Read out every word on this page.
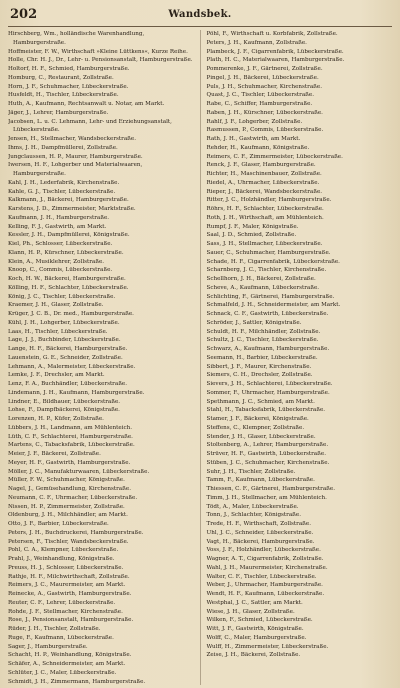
202	Wandsbek.

Hirschberg, Wm., holländische Warenhandlung, Hamburgerstraße.

Hoffmeister, F. W., Wirthschaft »Kleine Lüttkens«, Kurze Reihe.

Holle, Chr. H. J., Dr., Lehr- u. Pensionsanstalt, Hamburgerstraße.

Holtorf, H. F., Schmied, Hamburgerstraße.

Homburg, C., Restaurant, Zollstraße.

Horn, J. F., Schuhmacher, Lübeckerstraße.

Husfeldt, H., Tischler, Lübeckerstraße.

Huth, A., Kaufmann, Rechtsanwalt u. Notar, am Markt.

Jäger, J., Lehrer, Hamburgerstraße.

Jacobsen, L. u. C. Lehmann, Lehr- und Erziehungsanstalt, Lübeckerstraße.

Jensen, H., Stellmacher, Wandsbeckerstraße.

Ihms, J. H., Dampfmüllerei, Zollstraße.

Jungclaussen, H. P., Maurer, Hamburgerstraße.

Iwersen, H. F., Lohgerber und Materialwaaren, Hamburgerstraße.

Kahl, J. H., Lederfabrik, Kirchenstraße.

Kahle, G. J., Tischler, Lübeckerstraße.

Kalkmann, J., Bäckerei, Hamburgerstraße.

Karstens, J. D., Zimmermeister, Marktstraße.

Kaufmann, J. H., Hamburgerstraße.

Kelling, F. J., Gastwirth, am Markt.

Kessler, J. H., Dampfmüllerei, Königstraße.

Kiel, Ph., Schlosser, Lübeckerstraße.

Klann, H. P., Kürschner, Lübeckerstraße.

Klein, A., Musiklehrer, Zollstraße.

Knoop, C., Commis, Lübeckerstraße.

Koch, H. W., Bäckerei, Hamburgerstraße.

Kölling, H. F., Schlachter, Lübeckerstraße.

König, J. C., Tischler, Lübeckerstraße.

Kraemer, J. H., Glaser, Zollstraße.

Krüger, J. C. B., Dr. med., Hamburgerstraße.

Kühl, J. H., Lohgerber, Lübeckerstraße.

Laas, H., Tischler, Lübeckerstraße.

Lage, J. J., Buchbinder, Lübeckerstraße.

Lange, H. F., Bäckerei, Hamburgerstraße.

Lauenstein, G. E., Schneider, Zollstraße.

Lehmann, A., Malermeister, Lübeckerstraße.

Lemke, J. F., Drechsler, am Markt.

Lenz, F. A., Buchhändler, Lübeckerstraße.

Lindemann, J. H., Kaufmann, Hamburgerstraße.

Lindner, E., Bildhauer, Lübeckerstraße.

Lohse, F., Dampfbäckerei, Königstraße.

Lorenzen, H. P., Küfer, Zollstraße.

Lübbers, J. H., Landmann, am Mühlenteich.

Lüth, C. F., Schlachterei, Hamburgerstraße.

Martens, C., Tabacksfabrik, Lübeckerstraße.

Meier, J. F., Bäckerei, Zollstraße.

Meyer, H. F., Gastwirth, Hamburgerstraße.

Möller, J. C., Manufakturwaaren, Lübeckerstraße.

Müller, F. W., Schuhmacher, Königstraße.

Nagel, J., Gemüsehandlung, Kirchenstraße.

Neumann, C. F., Uhrmacher, Lübeckerstraße.

Nissen, H. P., Zimmermeister, Zollstraße.

Oldenburg, J. H., Milchhändler, am Markt.

Otto, J. F., Barbier, Lübeckerstraße.

Peters, J. H., Buchdruckerei, Hamburgerstraße.

Petersen, F., Tischler, Wandsbeckerstraße.

Pohl, C. A., Klempner, Lübeckerstraße.

Prahl, J., Weinhandlung, Königstraße.

Preuss, H. J., Schlosser, Lübeckerstraße.

Rathje, H. F., Milchwirthschaft, Zollstraße.

Reimers, J. C., Maurermeister, am Markt.

Reinecke, A., Gastwirth, Hamburgerstraße.

Reuter, C. F., Lehrer, Lübeckerstraße.

Rohde, J. F., Stellmacher, Kirchenstraße.

Rose, J., Pensionsanstalt, Hamburgerstraße.

Rüder, J. H., Tischler, Zollstraße.

Ruge, F., Kaufmann, Lübeckerstraße.

Sager, J., Hamburgerstraße.

Schacht, H. P., Weinhandlung, Königstraße.

Schäfer, A., Schneidermeister, am Markt.

Schlüter, J. C., Maler, Lübeckerstraße.

Schmidt, J. H., Zimmermann, Hamburgerstraße.

Pöhl, F., Wirthschaft u. Korbfabrik, Zollstraße.

Peters, J. H., Kaufmann, Zollstraße.

Plambeck, J. F., Cigarrenfabrik, Lübeckerstraße.

Plath, H. C., Materialwaaren, Hamburgerstraße.

Pommerenke, J. F., Gärtnerei, Zollstraße.

Pingel, J. H., Bäckerei, Lübeckerstraße.

Puls, J. H., Schuhmacher, Kirchenstraße.

Quast, J. C., Tischler, Lübeckerstraße.

Rabe, C., Schiffer, Hamburgerstraße.

Raben, J. H., Kürschner, Lübeckerstraße.

Rahlf, J. F., Lohgerber, Zollstraße.

Rasmussen, P., Commis, Lübeckerstraße.

Rath, J. H., Gastwirth, am Markt.

Rehder, H., Kaufmann, Königstraße.

Reimers, C. F., Zimmermeister, Lübeckerstraße.

Renck, J. F., Glaser, Hamburgerstraße.

Richter, H., Maschinenbauer, Zollstraße.

Riedel, A., Uhrmacher, Lübeckerstraße.

Rieper, J., Bäckerei, Wandsbeckerstraße.

Ritter, J. C., Holzhändler, Hamburgerstraße.

Röhrs, H. F., Schlachter, Lübeckerstraße.

Roth, J. H., Wirthschaft, am Mühlenteich.

Rumpf, J. F., Maler, Königstraße.

Saal, J. D., Schmied, Zollstraße.

Sass, J. H., Stellmacher, Lübeckerstraße.

Sauer, C., Schuhmacher, Hamburgerstraße.

Schade, H. F., Cigarrenfabrik, Lübeckerstraße.

Scharnberg, J. C., Tischler, Kirchenstraße.

Schellhorn, J. H., Bäckerei, Zollstraße.

Scheve, A., Kaufmann, Lübeckerstraße.

Schlichting, F., Gärtnerei, Hamburgerstraße.

Schmalfeld, J. H., Schneidermeister, am Markt.

Schnack, C. F., Gastwirth, Lübeckerstraße.

Schröder, J., Sattler, Königstraße.

Schuldt, H. F., Milchhändler, Zollstraße.

Schultz, J. C., Tischler, Lübeckerstraße.

Schwarz, A., Kaufmann, Hamburgerstraße.

Seemann, H., Barbier, Lübeckerstraße.

Sibbert, J. F., Maurer, Kirchenstraße.

Siemers, C. H., Drechsler, Zollstraße.

Sievers, J. H., Schlachterei, Lübeckerstraße.

Sommer, F., Uhrmacher, Hamburgerstraße.

Spethmann, J. C., Schmied, am Markt.

Stahl, H., Tabacksfabrik, Lübeckerstraße.

Stamer, J. F., Bäckerei, Königstraße.

Steffens, C., Klempner, Zollstraße.

Stender, J. H., Glaser, Lübeckerstraße.

Stoltenberg, A., Lehrer, Hamburgerstraße.

Strüver, H. F., Gastwirth, Lübeckerstraße.

Stüben, J. C., Schuhmacher, Kirchenstraße.

Suhr, J. H., Tischler, Zollstraße.

Tamm, F., Kaufmann, Lübeckerstraße.

Thiessen, C. F., Gärtnerei, Hamburgerstraße.

Timm, J. H., Stellmacher, am Mühlenteich.

Tödt, A., Maler, Lübeckerstraße.

Tonn, J., Schlachter, Königstraße.

Trede, H. F., Wirthschaft, Zollstraße.

Uhl, J. C., Schneider, Lübeckerstraße.

Vagt, H., Bäckerei, Hamburgerstraße.

Voss, J. F., Holzhändler, Lübeckerstraße.

Wagner, A. T., Cigarrenfabrik, Zollstraße.

Wahl, J. H., Maurermeister, Kirchenstraße.

Walter, C. F., Tischler, Lübeckerstraße.

Weber, J., Uhrmacher, Hamburgerstraße.

Wendt, H. F., Kaufmann, Lübeckerstraße.

Westphal, J. C., Sattler, am Markt.

Wiese, J. H., Glaser, Zollstraße.

Wilken, F., Schmied, Lübeckerstraße.

Witt, J. F., Gastwirth, Königstraße.

Wolff, C., Maler, Hamburgerstraße.

Wulff, H., Zimmermeister, Lübeckerstraße.

Zeise, J. H., Bäckerei, Zollstraße.
